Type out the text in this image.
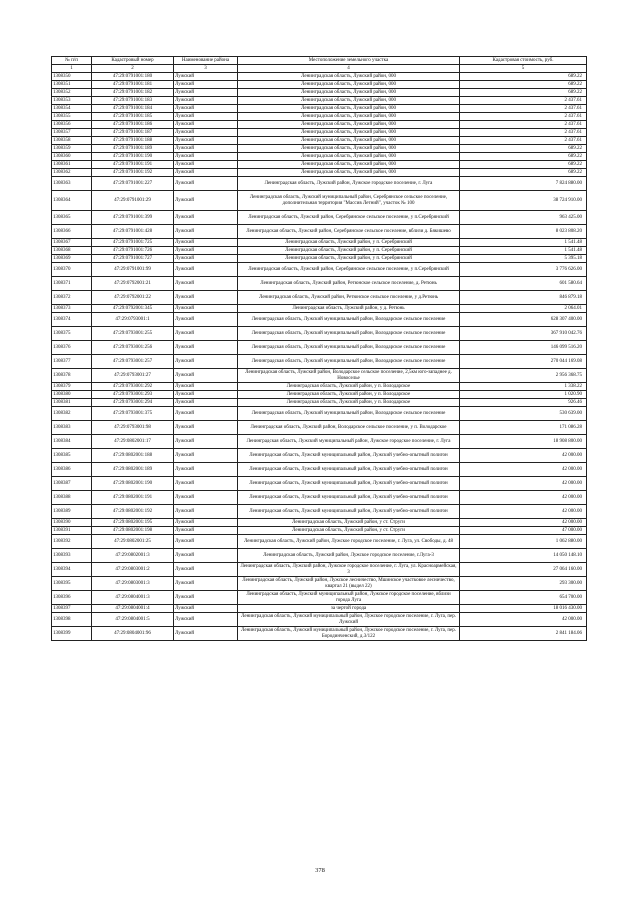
№ п/п	Кадастровый номер	Наименование района	Местоположение земельного участка	Кадастровая стоимость, руб.
1	2	3	4	5
1308350	47:29:0791001:180	Лужский	Ленинградская область, Лужский район, 000	689.22
1308351	47:29:0791001:181	Лужский	Ленинградская область, Лужский район, 000	689.22
1308352	47:29:0791001:182	Лужский	Ленинградская область, Лужский район, 000	689.22
1308353	47:29:0791001:183	Лужский	Ленинградская область, Лужский район, 000	2 437.61
1308354	47:29:0791001:184	Лужский	Ленинградская область, Лужский район, 000	2 437.61
1308355	47:29:0791001:185	Лужский	Ленинградская область, Лужский район, 000	2 437.61
1308356	47:29:0791001:186	Лужский	Ленинградская область, Лужский район, 000	2 437.61
1308357	47:29:0791001:187	Лужский	Ленинградская область, Лужский район, 000	2 437.61
1308358	47:29:0791001:188	Лужский	Ленинградская область, Лужский район, 000	2 437.61
1308359	47:29:0791001:189	Лужский	Ленинградская область, Лужский район, 000	689.22
1308360	47:29:0791001:190	Лужский	Ленинградская область, Лужский район, 000	689.22
1308361	47:29:0791001:191	Лужский	Ленинградская область, Лужский район, 000	689.22
1308362	47:29:0791001:192	Лужский	Ленинградская область, Лужский район, 000	689.22
1308363	47:29:0791001:227	Лужский	Ленинградская область, Лужский район, Лужское городское поселение, г. Луга	7 824 880.00
1308364	47:29:0791001:29	Лужский	Ленинградская область, Лужский муниципальный район, Серебрянское сельское поселение, дополнительная территория "Массив Летний", участок № 100	38 724 910.00
1308365	47:29:0791001:399	Лужский	Ленинградская область, Лужский район, Серебрянское сельское поселение, у п.Серебрянский	963 425.00
1308366	47:29:0791001:428	Лужский	Ленинградская область, Лужский район, Серебрянское сельское поселение, вблизи д. Бякишево	8 023 808.20
1308367	47:29:0791001:725	Лужский	Ленинградская область, Лужский район, у п. Серебрянский	1 541.48
1308368	47:29:0791001:726	Лужский	Ленинградская область, Лужский район, у п. Серебрянский	1 541.48
1308369	47:29:0791001:727	Лужский	Ленинградская область, Лужский район, у п. Серебрянский	5 395.18
1308370	47:29:0791001:99	Лужский	Ленинградская область, Лужский район, Серебрянское сельское поселение, у п.Серебрянский	3 776 626.00
1308371	47:29:0792001:21	Лужский	Ленинградская область, Лужский район, Ретюнское сельское поселение, д. Ретюнь	601 580.64
1308372	47:29:0792001:22	Лужский	Ленинградская область, Лужский район, Ретюнское сельское поселение, у д.Ретюнь	846 879.18
1308373	47:29:0792001:345	Лужский	Ленинградская область, Лужский район, у д. Ретюнь	2 064.01
1308374	47:29:0793001:1	Лужский	Ленинградская область, Лужский муниципальный район, Володарское сельское поселение	628 307 400.00
1308375	47:29:0793001:255	Лужский	Ленинградская область, Лужский муниципальный район, Володарское сельское поселение	367 910 042.76
1308376	47:29:0793001:256	Лужский	Ленинградская область, Лужский муниципальный район, Володарское сельское поселение	146 099 516.20
1308377	47:29:0793001:257	Лужский	Ленинградская область, Лужский муниципальный район, Володарское сельское поселение	270 044 169.08
1308378	47:29:0793001:27	Лужский	Ленинградская область, Лужский район, Володарское сельское поселение, 2,5км юго-западнее д. Новоселье	2 956 368.75
1308379	47:29:0793001:292	Лужский	Ленинградская область, Лужский район, у п. Володарское	1 338.22
1308380	47:29:0793001:293	Лужский	Ленинградская область, Лужский район, у п. Володарское	1 020.90
1308381	47:29:0793001:294	Лужский	Ленинградская область, Лужский район, у п. Володарское	926.46
1308382	47:29:0793001:375	Лужский	Ленинградская область, Лужский муниципальный район, Володарское сельское поселение	530 639.00
1308383	47:29:0793001:98	Лужский	Ленинградская область, Лужский район, Володарское сельское поселение, у п. Володарское	171 086.28
1308384	47:29:0802001:17	Лужский	Ленинградская область, Лужский муниципальный район, Лужское городское поселение, г. Луга	18 908 800.00
1308385	47:29:0802001:188	Лужский	Ленинградская область, Лужский муниципальный район, Лужский учебно-опытный полигон	42 000.00
1308386	47:29:0802001:189	Лужский	Ленинградская область, Лужский муниципальный район, Лужский учебно-опытный полигон	42 000.00
1308387	47:29:0802001:190	Лужский	Ленинградская область, Лужский муниципальный район, Лужский учебно-опытный полигон	42 000.00
1308388	47:29:0802001:191	Лужский	Ленинградская область, Лужский муниципальный район, Лужский учебно-опытный полигон	42 000.00
1308389	47:29:0802001:192	Лужский	Ленинградская область, Лужский муниципальный район, Лужский учебно-опытный полигон	42 000.00
1308390	47:29:0802001:195	Лужский	Ленинградская область, Лужский район, у ст. Струги	42 000.00
1308391	47:29:0802001:198	Лужский	Ленинградская область, Лужский район, у ст. Струги	47 000.00
1308392	47:29:0802001:25	Лужский	Ленинградская область, Лужский район, Лужское городское поселение, г. Луга, ул. Свободы, д. 48	1 062 880.00
1308393	47:29:0802001:3	Лужский	Ленинградская область, Лужский район, Лужское городское поселение, г.Луга-3	14 050 148.10
1308394	47:29:0803001:2	Лужский	Ленинградская область, Лужский район, Лужское городское поселение, г. Луга, ул. Красноармейская, 3	27 064 160.00
1308395	47:29:0803001:3	Лужский	Ленинградская область, Лужский район, Лужское лесничество, Мшинское участковое лесничество, квартал 21 (выдел 22)	293 300.00
1308396	47:29:0804001:3	Лужский	Ленинградская область, Лужский муниципальный район, Лужское городское поселение, вблизи города Луга	654 700.00
1308397	47:29:0804001:4	Лужский	за чертой города	18 016 430.00
1308398	47:29:0804001:5	Лужский	Ленинградская область, Лужский муниципальный район, Лужское городское поселение, г. Луга, пер. Лужский	42 000.00
1308399	47:29:0804001:96	Лужский	Ленинградская область, Лужский муниципальный район, Лужское городское поселение, г. Луга, пер. Бородинченский, д.3/122	2 841 184.06
378
